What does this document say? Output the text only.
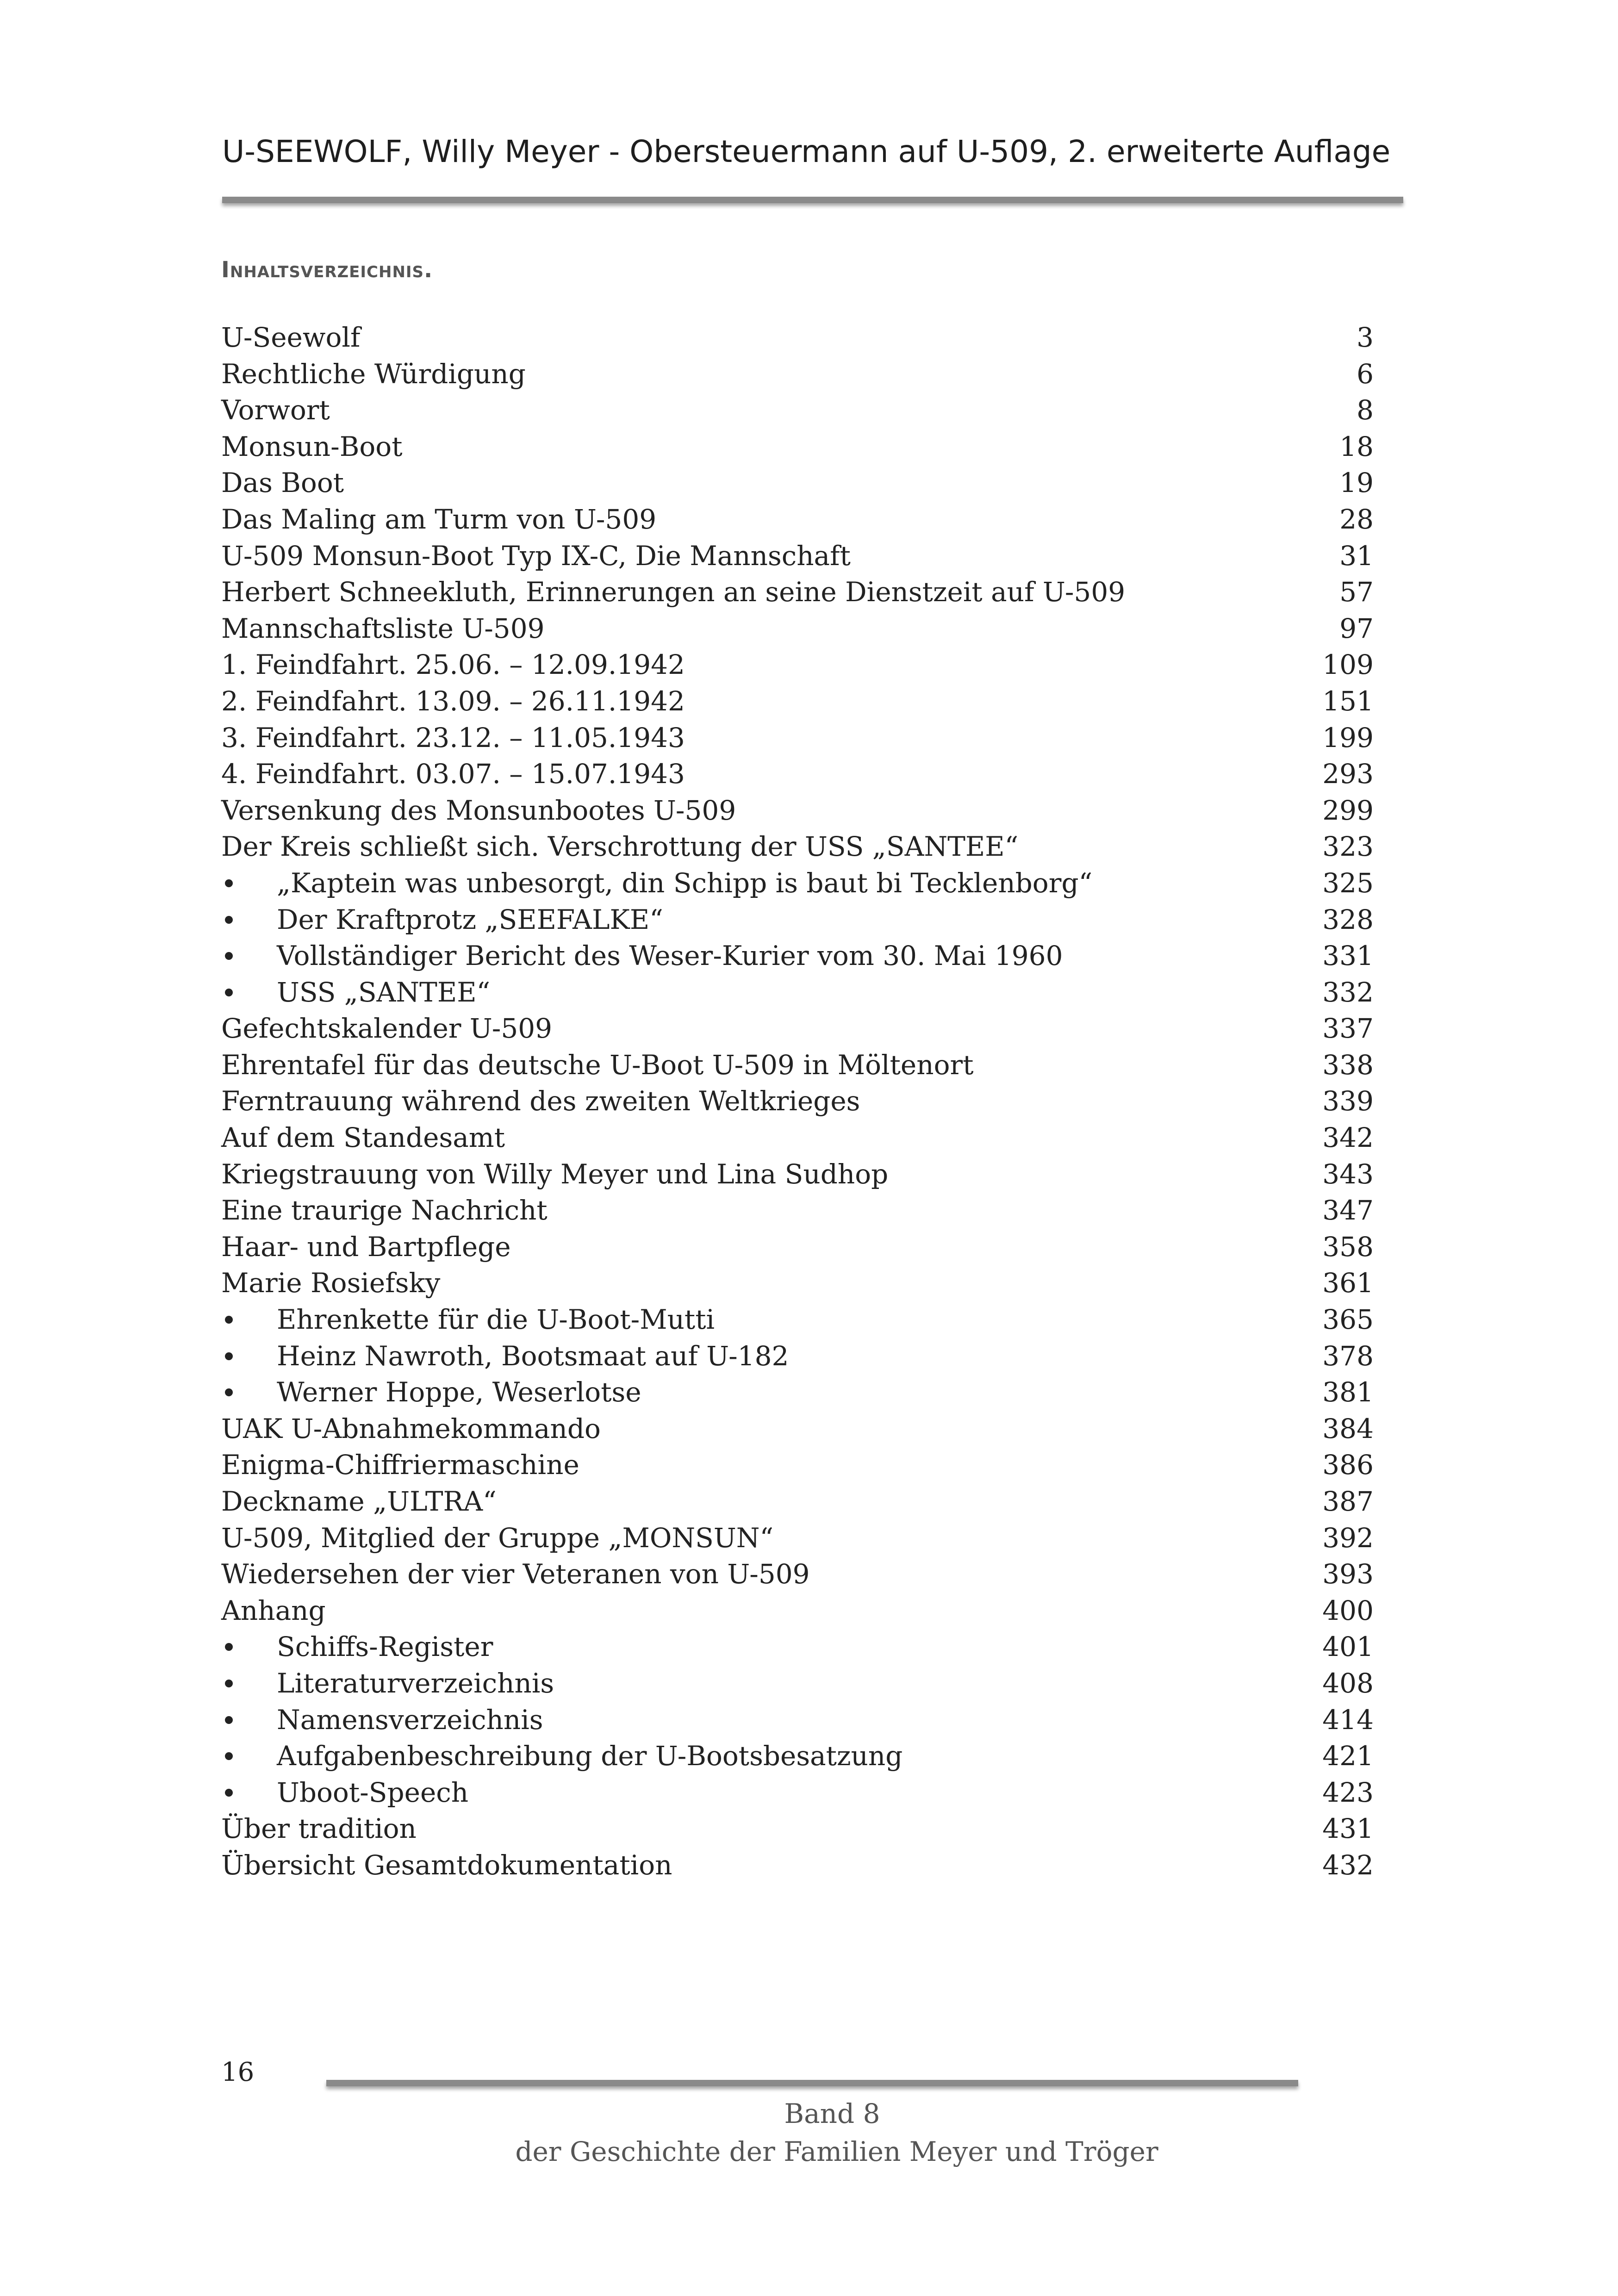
U-SEEWOLF, Willy Meyer - Obersteuermann auf U-509, 2. erweiterte Auflage
Inhaltsverzeichnis.
U-Seewolf	3
Rechtliche Würdigung	6
Vorwort	8
Monsun-Boot	18
Das Boot	19
Das Maling am Turm von U-509	28
U-509 Monsun-Boot Typ IX-C, Die Mannschaft	31
Herbert Schneekluth, Erinnerungen an seine Dienstzeit auf U-509	57
Mannschaftsliste U-509	97
1. Feindfahrt. 25.06. – 12.09.1942	109
2. Feindfahrt. 13.09. – 26.11.1942	151
3. Feindfahrt. 23.12. – 11.05.1943	199
4. Feindfahrt. 03.07. – 15.07.1943	293
Versenkung des Monsunbootes U-509	299
Der Kreis schließt sich. Verschrottung der USS „SANTEE“	323
„Kaptein was unbesorgt, din Schipp is baut bi Tecklenborg“	325
Der Kraftprotz „SEEFALKE“	328
Vollständiger Bericht des Weser-Kurier vom 30. Mai 1960	331
USS „SANTEE“	332
Gefechtskalender U-509	337
Ehrentafel für das deutsche U-Boot U-509 in Möltenort	338
Ferntrauung während des zweiten Weltkrieges	339
Auf dem Standesamt	342
Kriegstrauung von Willy Meyer und Lina Sudhop	343
Eine traurige Nachricht	347
Haar- und Bartpflege	358
Marie Rosiefsky	361
Ehrenkette für die U-Boot-Mutti	365
Heinz Nawroth, Bootsmaat auf U-182	378
Werner Hoppe, Weserlotse	381
UAK U-Abnahmekommando	384
Enigma-Chiffriermaschine	386
Deckname „ULTRA“	387
U-509, Mitglied der Gruppe „MONSUN“	392
Wiedersehen der vier Veteranen von U-509	393
Anhang	400
Schiffs-Register	401
Literaturverzeichnis	408
Namensverzeichnis	414
Aufgabenbeschreibung der U-Bootsbesatzung	421
Uboot-Speech	423
Über tradition	431
Übersicht Gesamtdokumentation	432
16
Band 8
der Geschichte der Familien Meyer und Tröger
